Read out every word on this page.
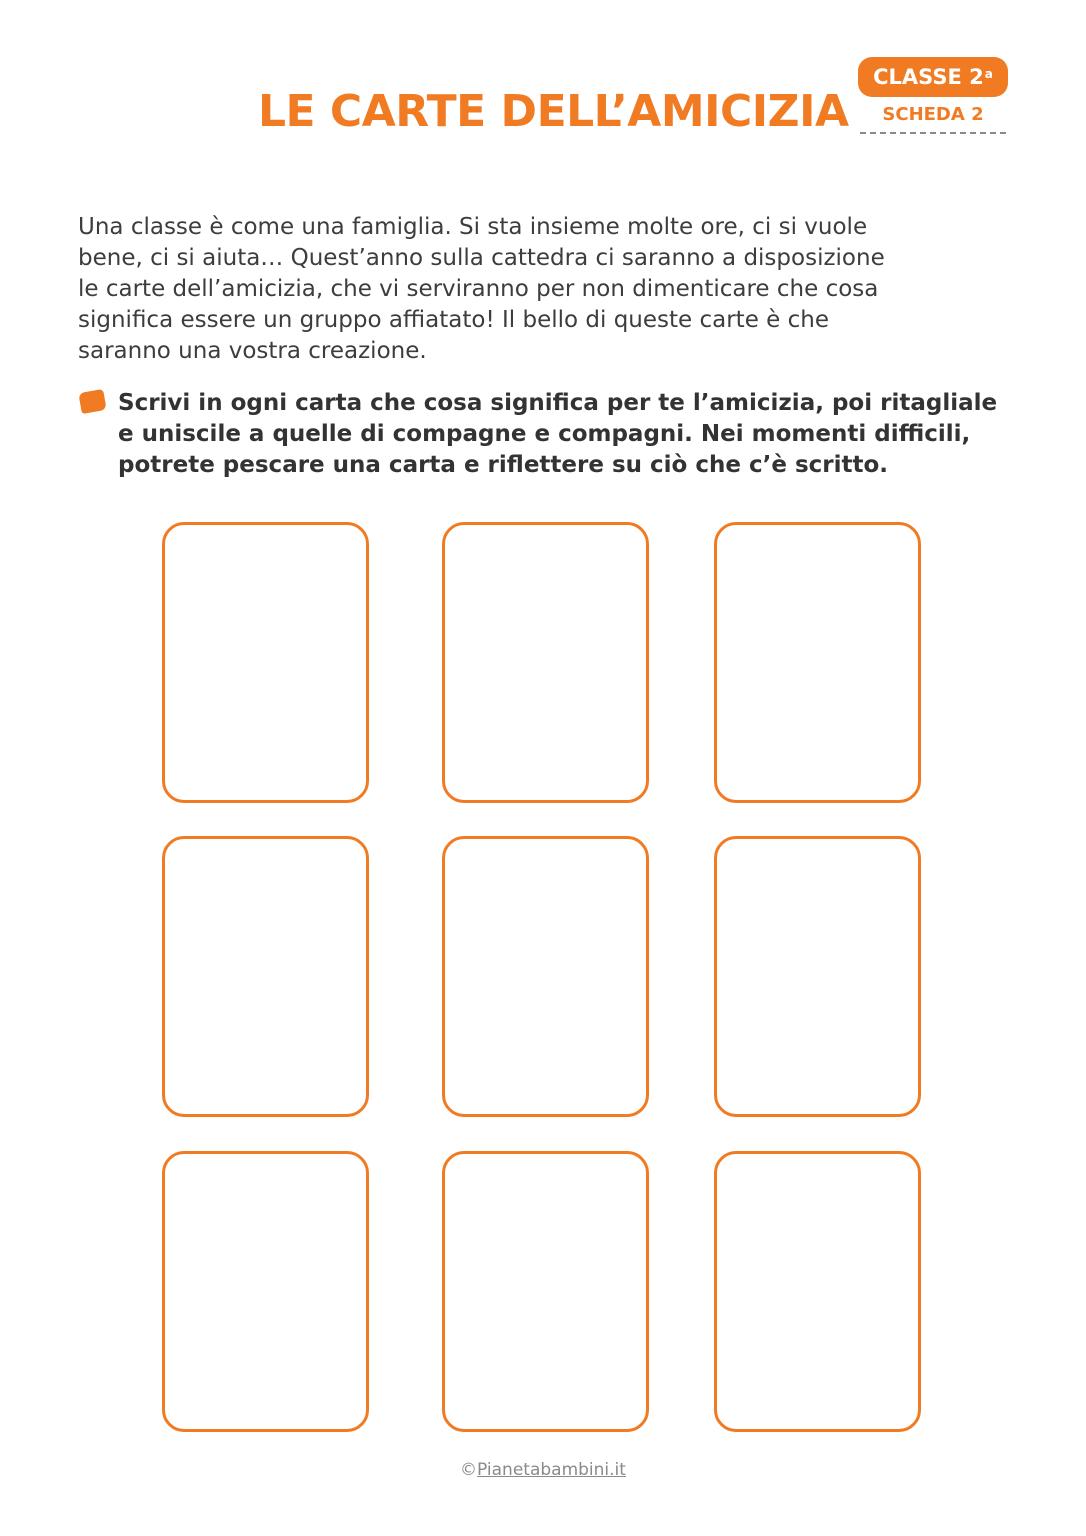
LE CARTE DELL’AMICIZIA
CLASSE 2$^a$
SCHEDA 2
Una classe è come una famiglia. Si sta insieme molte ore, ci si vuole
bene, ci si aiuta… Quest’anno sulla cattedra ci saranno a disposizione
le carte dell’amicizia, che vi serviranno per non dimenticare che cosa
significa essere un gruppo affiatato! Il bello di queste carte è che
saranno una vostra creazione.
Scrivi in ogni carta che cosa significa per te l’amicizia, poi ritagliale
e uniscile a quelle di compagne e compagni. Nei momenti difficili,
potrete pescare una carta e riflettere su ciò che c’è scritto.
©Pianetabambini.it
